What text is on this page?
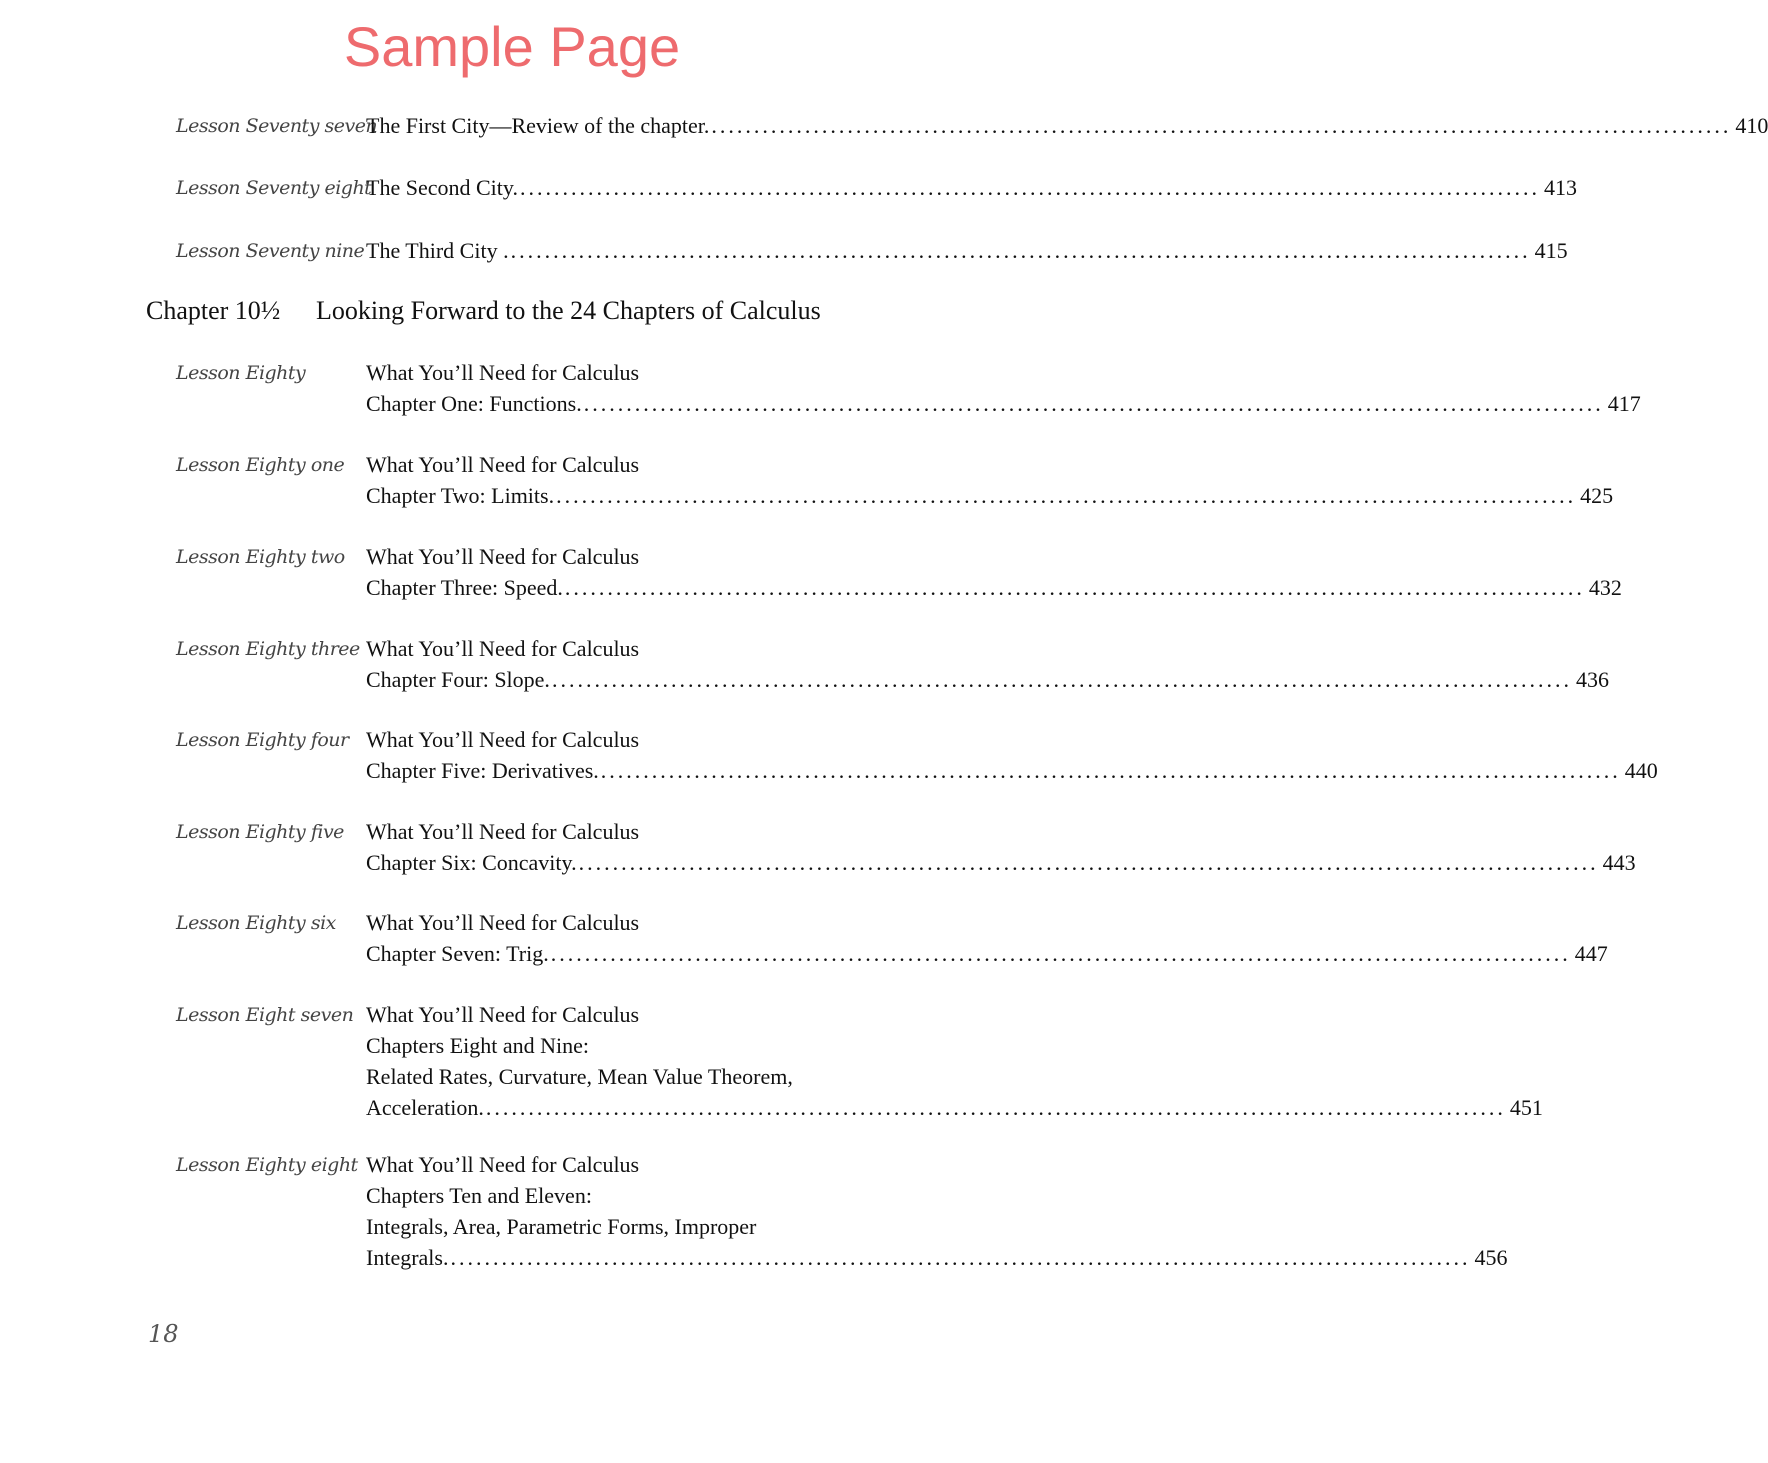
Sample Page
Lesson Seventy seven
The First City—Review of the chapter. ........................................................................................................................ 410
Lesson Seventy eight
The Second City. ........................................................................................................................ 413
Lesson Seventy nine The Third City . ........................................................................................................................ 415
Chapter 10½ Looking Forward to the 24 Chapters of Calculus
Lesson Eighty	What You’ll Need for Calculus
Chapter One: Functions. ........................................................................................................................ 417
Lesson Eighty one What You’ll Need for Calculus
Chapter Two: Limits. ........................................................................................................................ 425
Lesson Eighty two What You’ll Need for Calculus
Chapter Three: Speed. ........................................................................................................................ 432
Lesson Eighty three What You’ll Need for Calculus
Chapter Four: Slope. ........................................................................................................................ 436
Lesson Eighty four What You’ll Need for Calculus
Chapter Five: Derivatives. ........................................................................................................................ 440
Lesson Eighty five What You’ll Need for Calculus
Chapter Six: Concavity. ........................................................................................................................ 443
Lesson Eighty six What You’ll Need for Calculus
Chapter Seven: Trig. ........................................................................................................................ 447
Lesson Eight seven What You’ll Need for Calculus
Chapters Eight and Nine:
Related Rates, Curvature, Mean Value Theorem,
Acceleration. ........................................................................................................................ 451
Lesson Eighty eight What You’ll Need for Calculus
Chapters Ten and Eleven:
Integrals, Area, Parametric Forms, Improper
Integrals. ........................................................................................................................ 456
18
